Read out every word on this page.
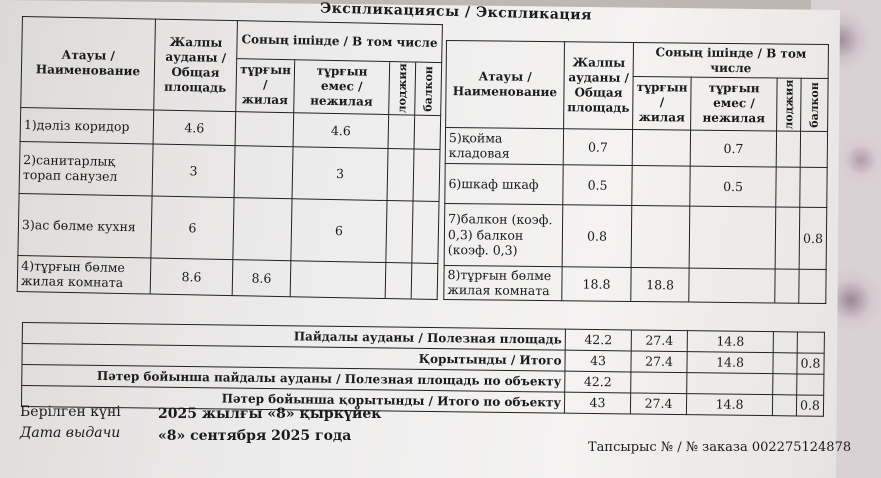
Экспликациясы / Экспликация
Атауы / Наименование	Жалпы ауданы / Общая площадь	Соның ішінде / В том числе			
		тұрғын / жилая	тұрғын емес / нежилая	лоджия	балкон
1)дәліз коридор	4.6		4.6		
2)санитарлық торап санузел	3		3		
3)ас бөлме кухня	6		6		
4)тұрғын бөлме жилая комната	8.6	8.6			
Атауы / Наименование	Жалпы ауданы / Общая площадь	Соның ішінде / В том числе			
		тұрғын / жилая	тұрғын емес / нежилая	лоджия	балкон
5)қойма кладовая	0.7		0.7		
6)шкаф шкаф	0.5		0.5		
7)балкон (коэф. 0,3) балкон (коэф. 0,3)	0.8				0.8
8)тұрғын бөлме жилая комната	18.8	18.8			
Пайдалы ауданы / Полезная площадь	42.2	27.4	14.8		
Қорытынды / Итого	43	27.4	14.8		0.8
Пәтер бойынша пайдалы ауданы / Полезная площадь по объекту	42.2				
Пәтер бойынша қорытынды / Итого по объекту	43	27.4	14.8		0.8
Берілген күні	2025 жылғы «8» қыркүйек
Дата выдачи	«8» сентября 2025 года
Тапсырыс № / № заказа 002275124878
